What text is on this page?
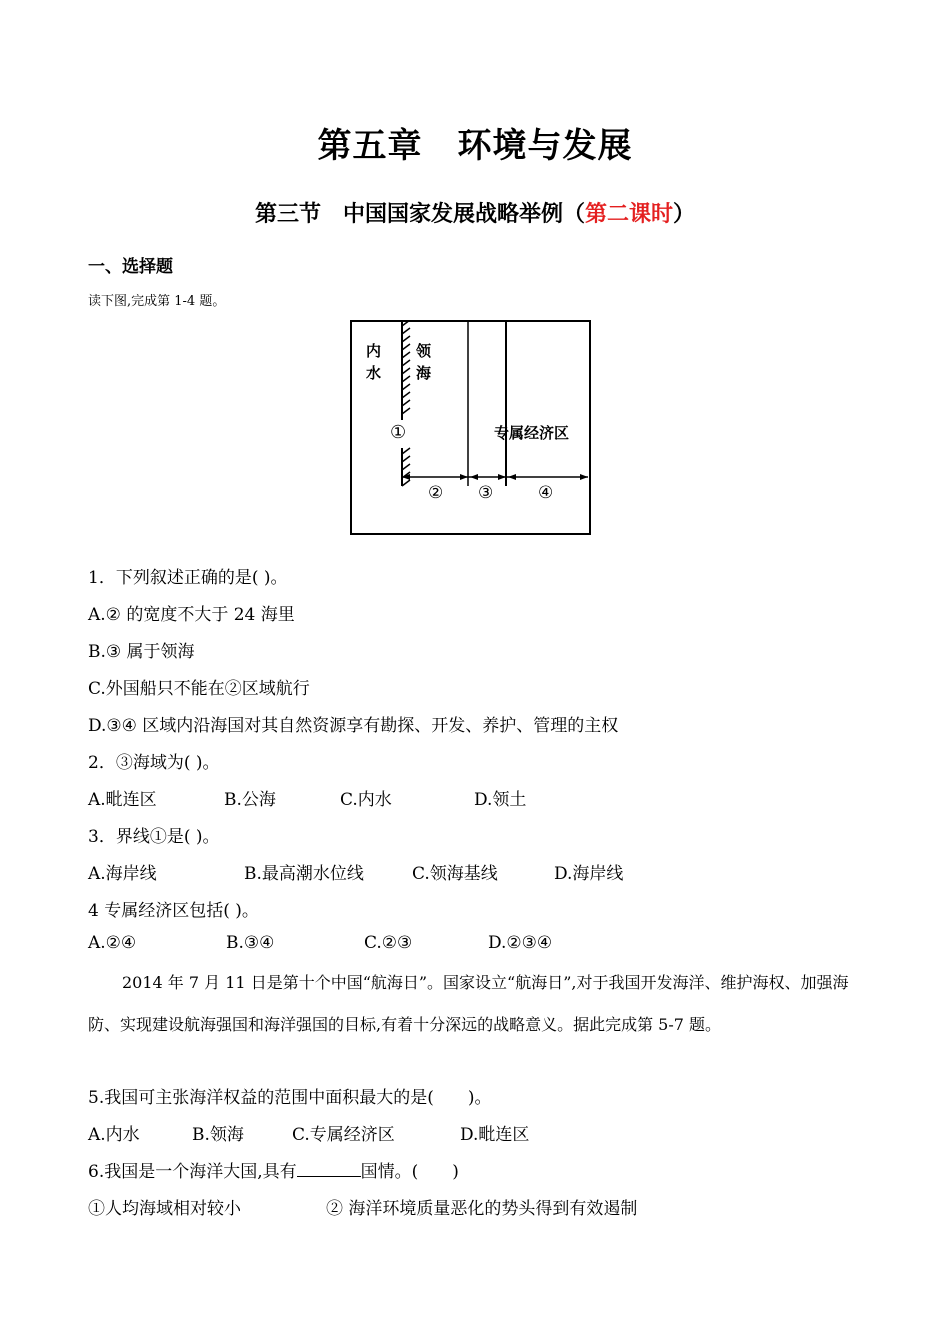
第五章　环境与发展
第三节　中国国家发展战略举例（第二课时）
一、选择题
读下图,完成第 1-4 题。
内
水
领
海
①	专属经济区
② ③	④
1．下列叙述正确的是( )。
A.② 的宽度不大于 24 海里
B.③ 属于领海
C.外国船只不能在②区域航行
D.③④ 区域内沿海国对其自然资源享有勘探、开发、养护、管理的主权
2．③海域为( )。
A.毗连区	B.公海	C.内水	D.领土
3．界线①是( )。
A.海岸线	B.最高潮水位线	C.领海基线	D.海岸线
4 专属经济区包括( )。
A.②④	B.③④	C.②③	D.②③④
2014 年 7 月 11 日是第十个中国“航海日”。国家设立“航海日”,对于我国开发海洋、维护海权、加强海防、实现建设航海强国和海洋强国的目标,有着十分深远的战略意义。据此完成第 5-7 题。
5.我国可主张海洋权益的范围中面积最大的是(　　)。
A.内水	B.领海	C.专属经济区	D.毗连区
6.我国是一个海洋大国,具有	国情。(　　)
①人均海域相对较小	② 海洋环境质量恶化的势头得到有效遏制
